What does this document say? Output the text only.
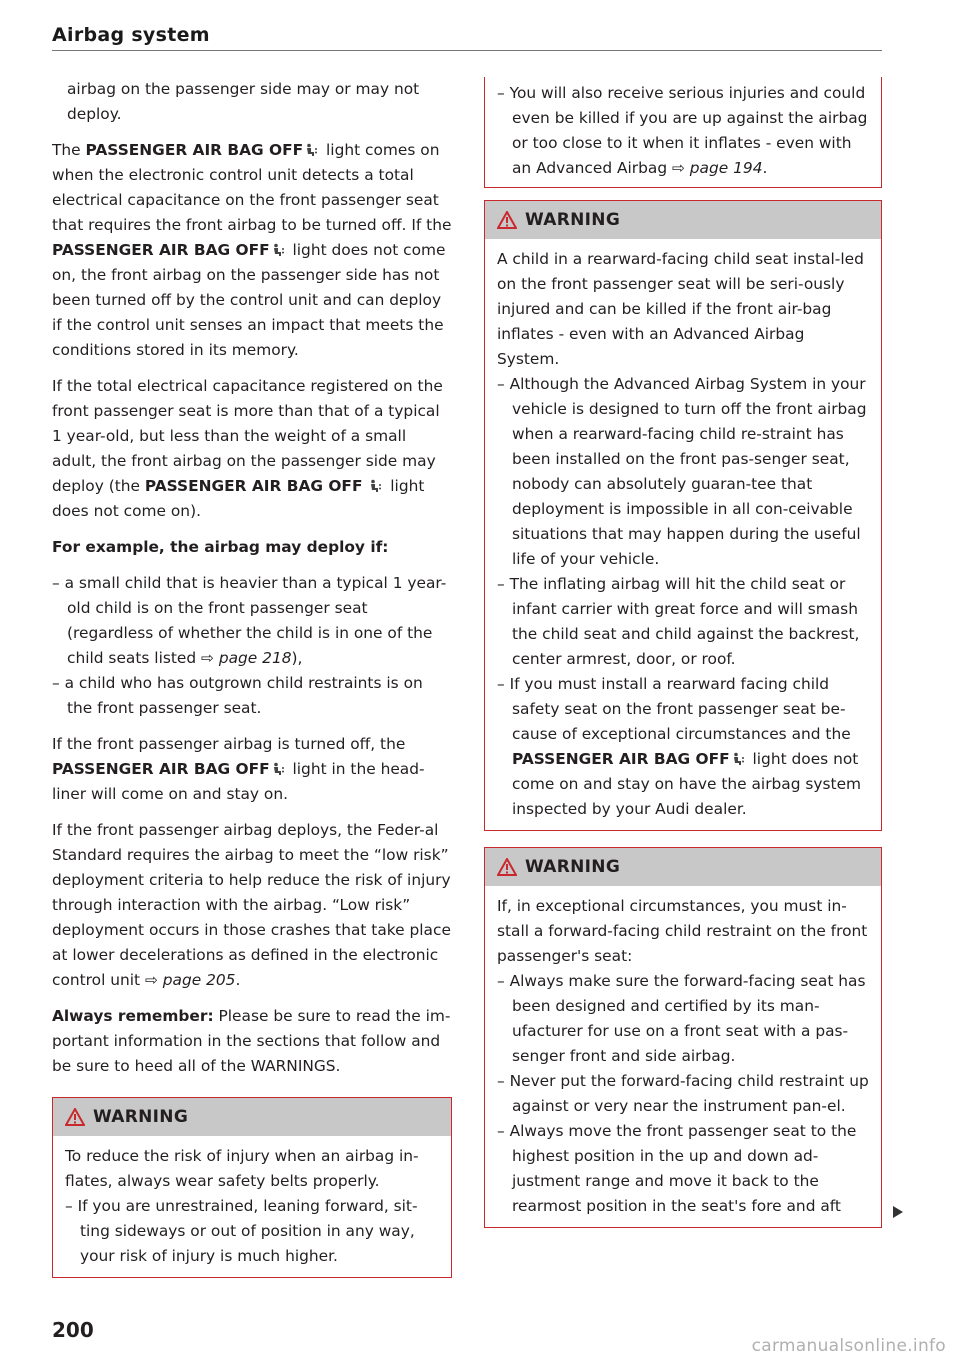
Airbag system

airbag on the passenger side may or may not deploy.

The PASSENGER AIR BAG OFF light comes on when the electronic control unit detects a total electrical capacitance on the front passenger seat that requires the front airbag to be turned off. If the PASSENGER AIR BAG OFF light does not come on, the front airbag on the passenger side has not been turned off by the control unit and can deploy if the control unit senses an impact that meets the conditions stored in its memory.

If the total electrical capacitance registered on the front passenger seat is more than that of a typical 1 year-old, but less than the weight of a small adult, the front airbag on the passenger side may deploy (the PASSENGER AIR BAG OFF  light does not come on).

For example, the airbag may deploy if:

– a small child that is heavier than a typical 1 year-old child is on the front passenger seat (regardless of whether the child is in one of the child seats listed ⇨ page 218),
– a child who has outgrown child restraints is on the front passenger seat.

If the front passenger airbag is turned off, the PASSENGER AIR BAG OFF light in the head-liner will come on and stay on.

If the front passenger airbag deploys, the Feder-al Standard requires the airbag to meet the “low risk” deployment criteria to help reduce the risk of injury through interaction with the airbag. “Low risk” deployment occurs in those crashes that take place at lower decelerations as defined in the electronic control unit ⇨ page 205.

Always remember: Please be sure to read the im-portant information in the sections that follow and be sure to heed all of the WARNINGS.

WARNING

To reduce the risk of injury when an airbag in-flates, always wear safety belts properly.

– If you are unrestrained, leaning forward, sit-ting sideways or out of position in any way, your risk of injury is much higher.
– You will also receive serious injuries and could even be killed if you are up against the airbag or too close to it when it inflates - even with an Advanced Airbag ⇨ page 194.
WARNING

A child in a rearward-facing child seat instal-led on the front passenger seat will be seri-ously injured and can be killed if the front air-bag inflates - even with an Advanced Airbag System.

– Although the Advanced Airbag System in your vehicle is designed to turn off the front airbag when a rearward-facing child re-straint has been installed on the front pas-senger seat, nobody can absolutely guaran-tee that deployment is impossible in all con-ceivable situations that may happen during the useful life of your vehicle.
– The inflating airbag will hit the child seat or infant carrier with great force and will smash the child seat and child against the backrest, center armrest, door, or roof.
– If you must install a rearward facing child safety seat on the front passenger seat be-cause of exceptional circumstances and the PASSENGER AIR BAG OFF light does not come on and stay on have the airbag system inspected by your Audi dealer.
WARNING

If, in exceptional circumstances, you must in-stall a forward-facing child restraint on the front passenger's seat:

– Always make sure the forward-facing seat has been designed and certified by its man-ufacturer for use on a front seat with a pas-senger front and side airbag.
– Never put the forward-facing child restraint up against or very near the instrument pan-el.
– Always move the front passenger seat to the highest position in the up and down ad-justment range and move it back to the rearmost position in the seat's fore and aft
200
carmanualsonline.info
